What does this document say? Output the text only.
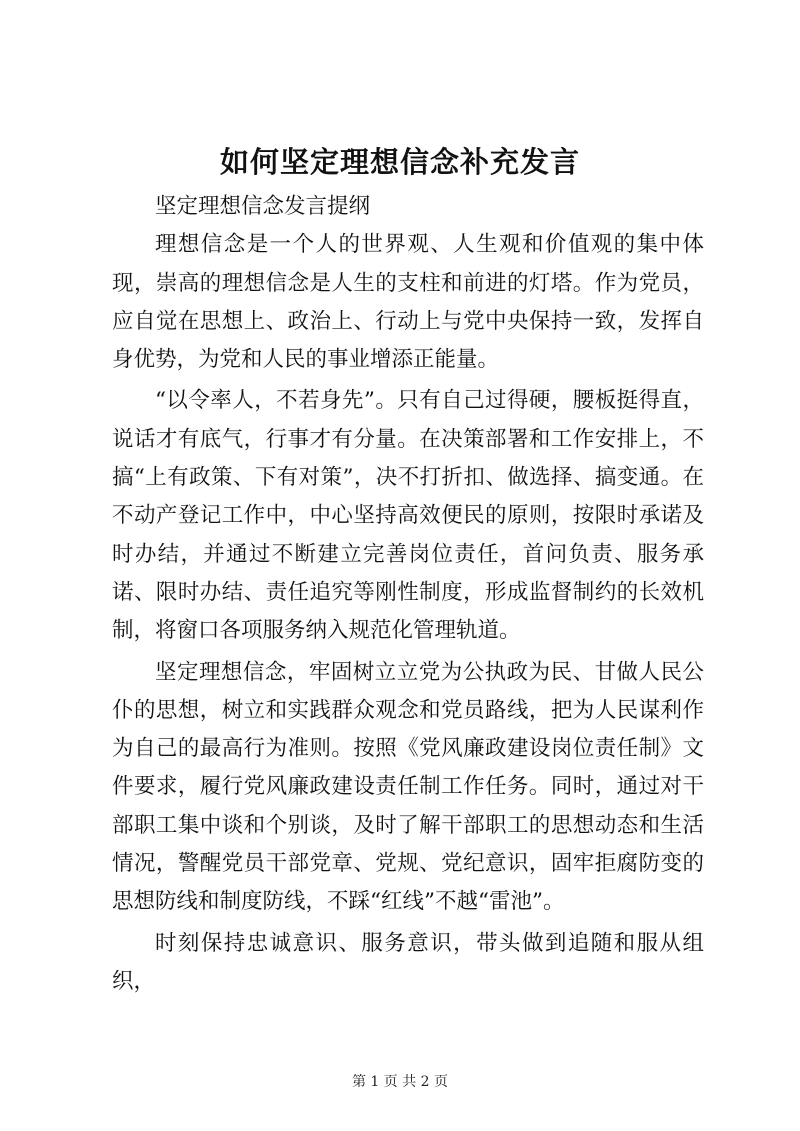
如何坚定理想信念补充发言

坚定理想信念发言提纲

理想信念是一个人的世界观、人生观和价值观的集中体现，崇高的理想信念是人生的支柱和前进的灯塔。作为党员，应自觉在思想上、政治上、行动上与党中央保持一致，发挥自身优势，为党和人民的事业增添正能量。

“以令率人，不若身先”。只有自己过得硬，腰板挺得直，说话才有底气，行事才有分量。在决策部署和工作安排上，不搞“上有政策、下有对策”，决不打折扣、做选择、搞变通。在不动产登记工作中，中心坚持高效便民的原则，按限时承诺及时办结，并通过不断建立完善岗位责任，首问负责、服务承诺、限时办结、责任追究等刚性制度，形成监督制约的长效机制，将窗口各项服务纳入规范化管理轨道。

坚定理想信念，牢固树立立党为公执政为民、甘做人民公仆的思想，树立和实践群众观念和党员路线，把为人民谋利作为自己的最高行为准则。按照《党风廉政建设岗位责任制》文件要求，履行党风廉政建设责任制工作任务。同时，通过对干部职工集中谈和个别谈，及时了解干部职工的思想动态和生活情况，警醒党员干部党章、党规、党纪意识，固牢拒腐防变的思想防线和制度防线，不踩“红线”不越“雷池”。

时刻保持忠诚意识、服务意识，带头做到追随和服从组织，

第 1 页 共 2 页
